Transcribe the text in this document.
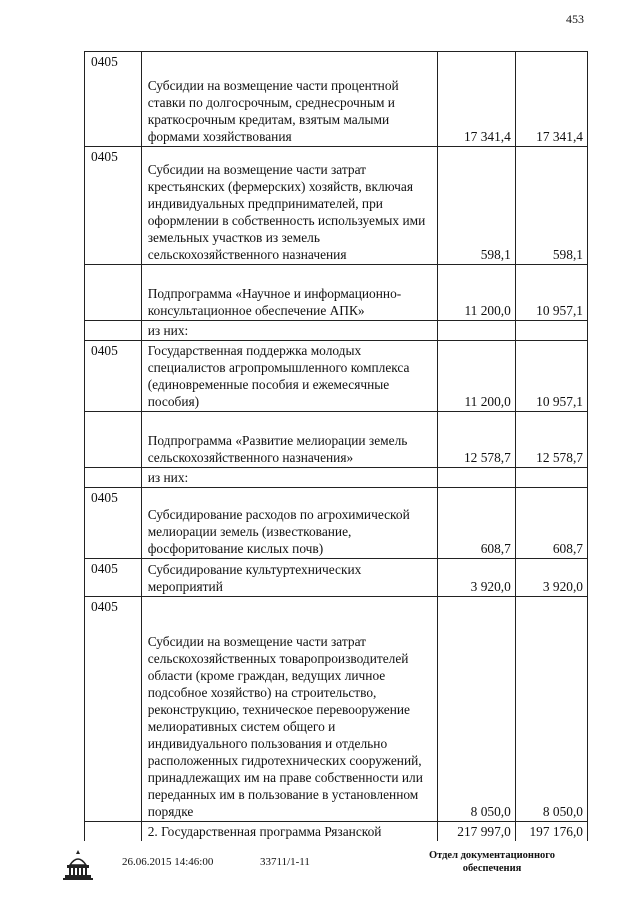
453
0405	Субсидии на возмещение части процентной ставки по долгосрочным, среднесрочным и краткосрочным кредитам, взятым малыми формами хозяйствования	17 341,4	17 341,4
0405	Субсидии на возмещение части затрат крестьянских (фермерских) хозяйств, включая индивидуальных предпринимателей, при оформлении в собственность используемых ими земельных участков из земель сельскохозяйственного назначения	598,1	598,1
	Подпрограмма «Научное и информационно-консультационное обеспечение АПК»	11 200,0	10 957,1
	из них:		
0405	Государственная поддержка молодых специалистов агропромышленного комплекса (единовременные пособия и ежемесячные пособия)	11 200,0	10 957,1
	Подпрограмма «Развитие мелиорации земель сельскохозяйственного назначения»	12 578,7	12 578,7
	из них:		
0405	Субсидирование расходов по агрохимической мелиорации земель (известкование, фосфоритование кислых почв)	608,7	608,7
0405	Субсидирование культуртехнических мероприятий	3 920,0	3 920,0
0405	Субсидии на возмещение части затрат сельскохозяйственных товаропроизводителей области (кроме граждан, ведущих личное подсобное хозяйство) на строительство, реконструкцию, техническое перевооружение мелиоративных систем общего и индивидуального пользования и отдельно расположенных гидротехнических сооружений, принадлежащих им на праве собственности или переданных им в пользование в установленном порядке	8 050,0	8 050,0
	2. Государственная программа Рязанской	217 997,0	197 176,0
26.06.2015 14:46:00	33711/1-11
Отдел документационного
обеспечения
